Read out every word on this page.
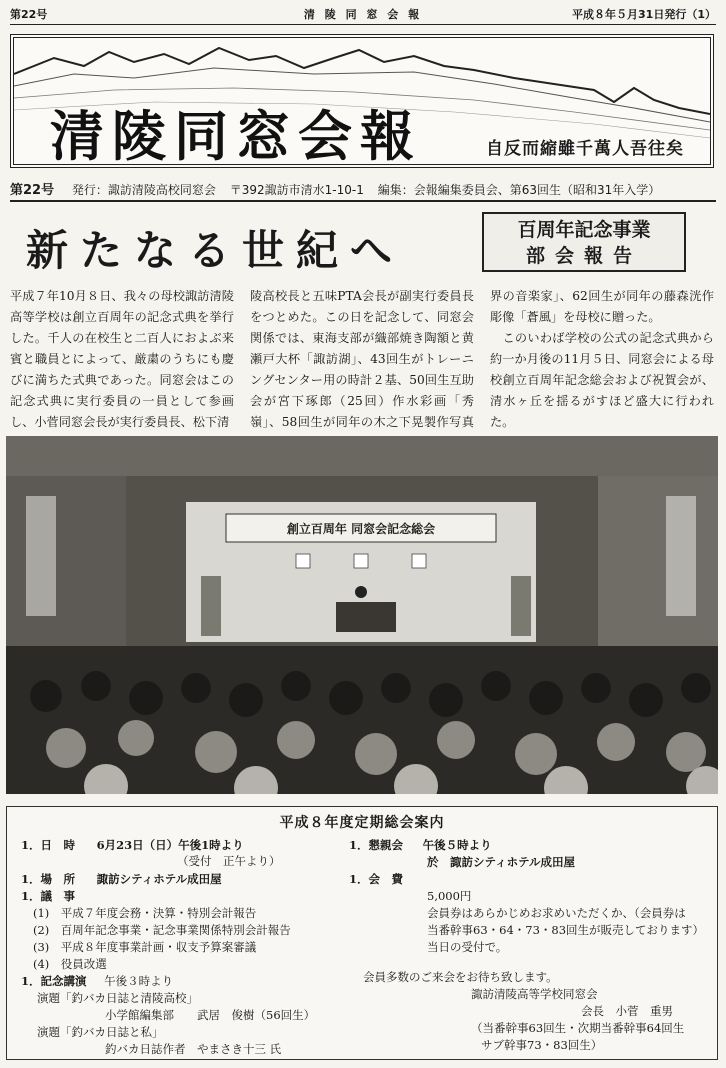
第22号	清 陵 同 窓 会 報	平成８年５月31日発行（1）
清陵同窓会報	自反而縮雖千萬人吾往矣
第22号 発行：諏訪清陵高校同窓会 〒392諏訪市清水1-10-1 編集：会報編集委員会、第63回生（昭和31年入学）
新たなる世紀へ	百周年記念事業
部会報告
平成７年10月８日、我々の母校諏訪清陵高等学校は創立百周年の記念式典を挙行した。千人の在校生と二百人におよぶ来賓と職員とによって、厳粛のうちにも慶びに満ちた式典であった。同窓会はこの記念式典に実行委員の一員として参画し、小菅同窓会長が実行委員長、松下清
陵高校長と五味PTA会長が副実行委員長をつとめた。この日を記念して、同窓会関係では、東海支部が織部焼き陶額と黄瀬戸大杯「諏訪湖」、43回生がトレーニングセンター用の時計２基、50回生互助会が宮下琢郎（25回）作水彩画「秀嶺」、58回生が同年の木之下晃製作写真
界の音楽家」、62回生が同年の藤森洸作彫像「蒼風」を母校に贈った。
　このいわば学校の公式の記念式典から約一か月後の11月５日、同窓会による母校創立百周年記念総会および祝賀会が、清水ヶ丘を揺るがすほど盛大に行われた。
創立百周年 同窓会記念総会
平成８年度定期総会案内
1．日　時 6月23日（日）午後1時より
（受付　正午より）
1．場　所 諏訪シティホテル成田屋
1．議　事
(1)　平成７年度会務・決算・特別会計報告
(2)　百周年記念事業・記念事業関係特別会計報告
(3)　平成８年度事業計画・収支予算案審議
(4)　役員改選
1．記念講演 午後３時より
演題「釣バカ日誌と清陵高校」
小学館編集部　　武居　俊樹（56回生）
演題「釣バカ日誌と私」
釣バカ日誌作者　やまさき十三 氏
1．懇親会 午後５時より
於　諏訪シティホテル成田屋
1．会　費
5,000円
会員券はあらかじめお求めいただくか、（会員券は
当番幹事63・64・73・83回生が販売しております）
当日の受付で。
会員多数のご来会をお待ち致します。
諏訪清陵高等学校同窓会
会長　小菅　重男
（当番幹事63回生・次期当番幹事64回生
サブ幹事73・83回生）
